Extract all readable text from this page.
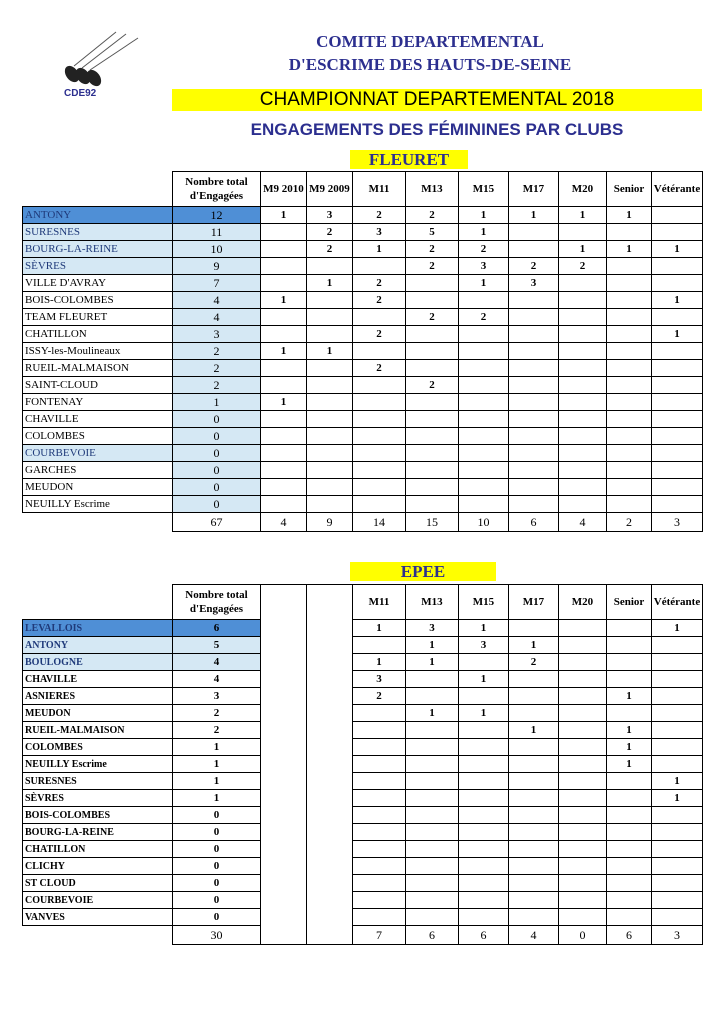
CDE92
COMITE DEPARTEMENTAL
D'ESCRIME DES HAUTS-DE-SEINE
CHAMPIONNAT DEPARTEMENTAL 2018
ENGAGEMENTS DES FÉMININES PAR CLUBS
FLEURET
	Nombre total d'Engagées	M9 2010	M9 2009	M11	M13	M15	M17	M20	Senior	Vétérante
ANTONY	12	1	3	2	2	1	1	1	1	
SURESNES	11		2	3	5	1				
BOURG-LA-REINE	10		2	1	2	2		1	1	1
SÈVRES	9				2	3	2	2		
VILLE D'AVRAY	7		1	2		1	3			
BOIS-COLOMBES	4	1		2						1
TEAM FLEURET	4				2	2				
CHATILLON	3			2						1
ISSY-les-Moulineaux	2	1	1							
RUEIL-MALMAISON	2			2						
SAINT-CLOUD	2				2					
FONTENAY	1	1								
CHAVILLE	0									
COLOMBES	0									
COURBEVOIE	0									
GARCHES	0									
MEUDON	0									
NEUILLY Escrime	0									
	67	4	9	14	15	10	6	4	2	3
EPEE
	Nombre total d'Engagées			M11	M13	M15	M17	M20	Senior	Vétérante
LEVALLOIS	6			1	3	1				1
ANTONY	5				1	3	1			
BOULOGNE	4			1	1		2			
CHAVILLE	4			3		1				
ASNIERES	3			2					1	
MEUDON	2				1	1				
RUEIL-MALMAISON	2						1		1	
COLOMBES	1								1	
NEUILLY Escrime	1								1	
SURESNES	1									1
SÈVRES	1									1
BOIS-COLOMBES	0									
BOURG-LA-REINE	0									
CHATILLON	0									
CLICHY	0									
ST CLOUD	0									
COURBEVOIE	0									
VANVES	0									
	30			7	6	6	4	0	6	3
